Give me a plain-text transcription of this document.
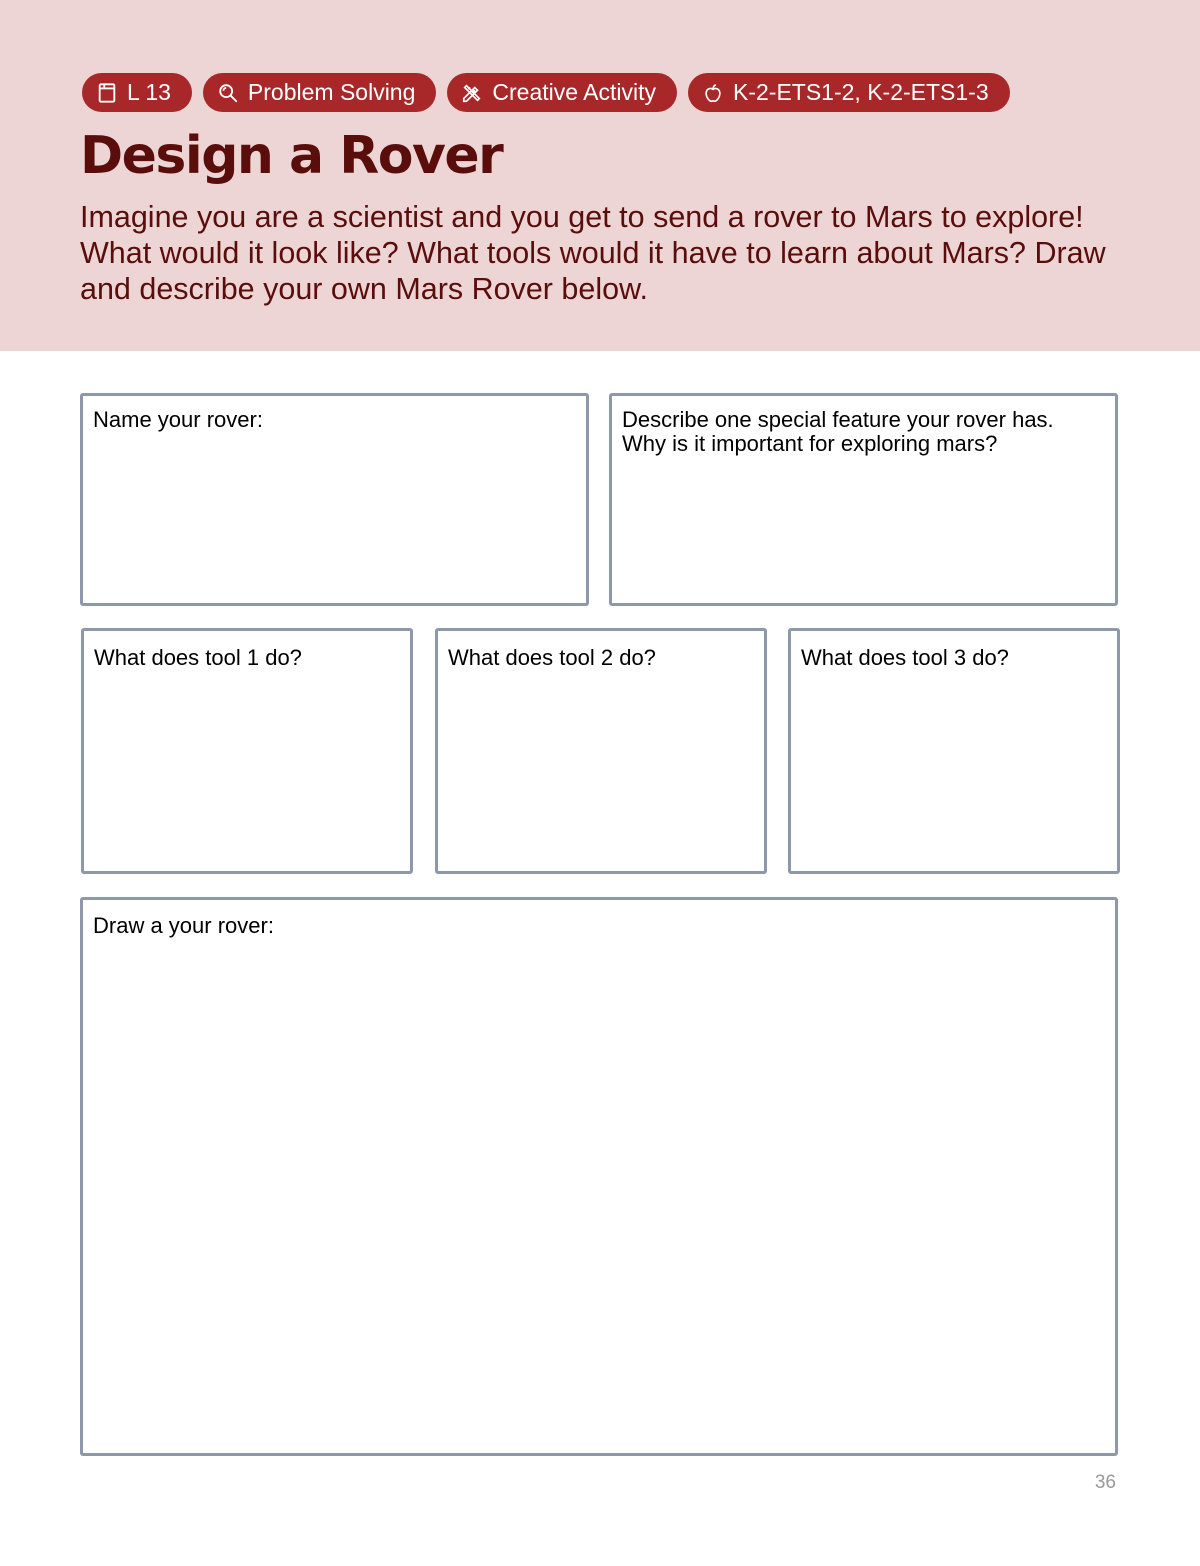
L 13	Problem Solving	Creative Activity	K-2-ETS1-2, K-2-ETS1-3
Design a Rover

Imagine you are a scientist and you get to send a rover to Mars to explore! What would it look like? What tools would it have to learn about Mars? Draw and describe your own Mars Rover below.

Name your rover:	Describe one special feature your rover has.
Why is it important for exploring mars?
What does tool 1 do?	What does tool 2 do?	What does tool 3 do?
Draw a your rover:
36
